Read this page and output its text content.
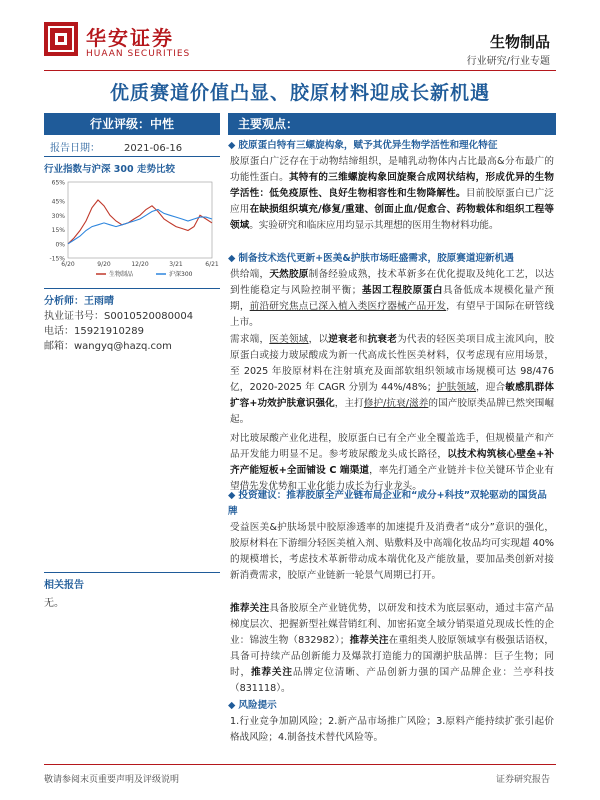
华安证券
HUAAN SECURITIES
生物制品
行业研究/行业专题
优质赛道价值凸显、胶原材料迎成长新机遇
行业评级：中性
报告日期： 2021-06-16
行业指数与沪深 300 走势比较
-15%
0%
15%
30%
45%
65%
6/20	9/20	12/20	3/21	6/21
生物制品	沪深300
分析师：王雨晴
执业证书号：S0010520080004
电话：15921910289
邮箱：wangyq@hazq.com
相关报告
无。
主要观点：
◆ 胶原蛋白特有三螺旋构象，赋予其优异生物学活性和理化特征
胶原蛋白广泛存在于动物结缔组织，是哺乳动物体内占比最高&分布最广的功能性蛋白。其特有的三维螺旋构象回旋聚合成网状结构，形成优异的生物学活性：低免疫原性、良好生物相容性和生物降解性。目前胶原蛋白已广泛应用在缺损组织填充/修复/重建、创面止血/促愈合、药物载体和组织工程等领域。实验研究和临床应用均显示其理想的医用生物材料功能。
◆ 制备技术迭代更新+医美&护肤市场旺盛需求，胶原赛道迎新机遇
供给端，天然胶原制备经验成熟，技术革新多在优化提取及纯化工艺，以达到性能稳定与风险控制平衡；基因工程胶原蛋白具备低成本规模化量产预期，前沿研究焦点已深入植入类医疗器械产品开发，有望早于国际在研管线上市。
需求端，医美领域，以逆衰老和抗衰老为代表的轻医美项目成主流风向，胶原蛋白或接力玻尿酸成为新一代高成长性医美材料，仅考虑现有应用场景，至 2025 年胶原材料在注射填充及面部软组织领域市场规模可达 98/476 亿，2020-2025 年 CAGR 分别为 44%/48%；护肤领域，迎合敏感肌群体扩容+功效护肤意识强化，主打修护/抗衰/滋养的国产胶原类品牌已然突围崛起。
对比玻尿酸产业化进程，胶原蛋白已有全产业全覆盖选手，但规模量产和产品开发能力明显不足。参考玻尿酸龙头成长路径，以技术构筑核心壁垒+补齐产能短板+全面铺设 C 端渠道，率先打通全产业链并卡位关键环节企业有望借先发优势和工业化能力成长为行业龙头。
◆ 投资建议：推荐胶原全产业链布局企业和“成分+科技”双轮驱动的国货品牌
受益医美&护肤场景中胶原渗透率的加速提升及消费者“成分”意识的强化，胶原材料在下游细分轻医美植入剂、贴敷料及中高端化妆品均可实现超 40%的规模增长，考虑技术革新带动成本端优化及产能放量，要加品类创新对接新消费需求，胶原产业链新一轮景气周期已打开。
推荐关注具备胶原全产业链优势，以研发和技术为底层驱动，通过丰富产品梯度层次、把握新型社媒营销红利、加密拓宽全域分销渠道兑现成长性的企业：锦波生物（832982）；推荐关注在重组类人胶原领域享有极强话语权，具备可持续产品创新能力及爆款打造能力的国潮护肤品牌：巨子生物；同时，推荐关注品牌定位清晰、产品创新力强的国产品牌企业：兰亭科技（831118）。
◆ 风险提示
1.行业竞争加剧风险；2.新产品市场推广风险；3.原料产能持续扩张引起价格战风险；4.制备技术替代风险等。
敬请参阅末页重要声明及评级说明	证券研究报告
